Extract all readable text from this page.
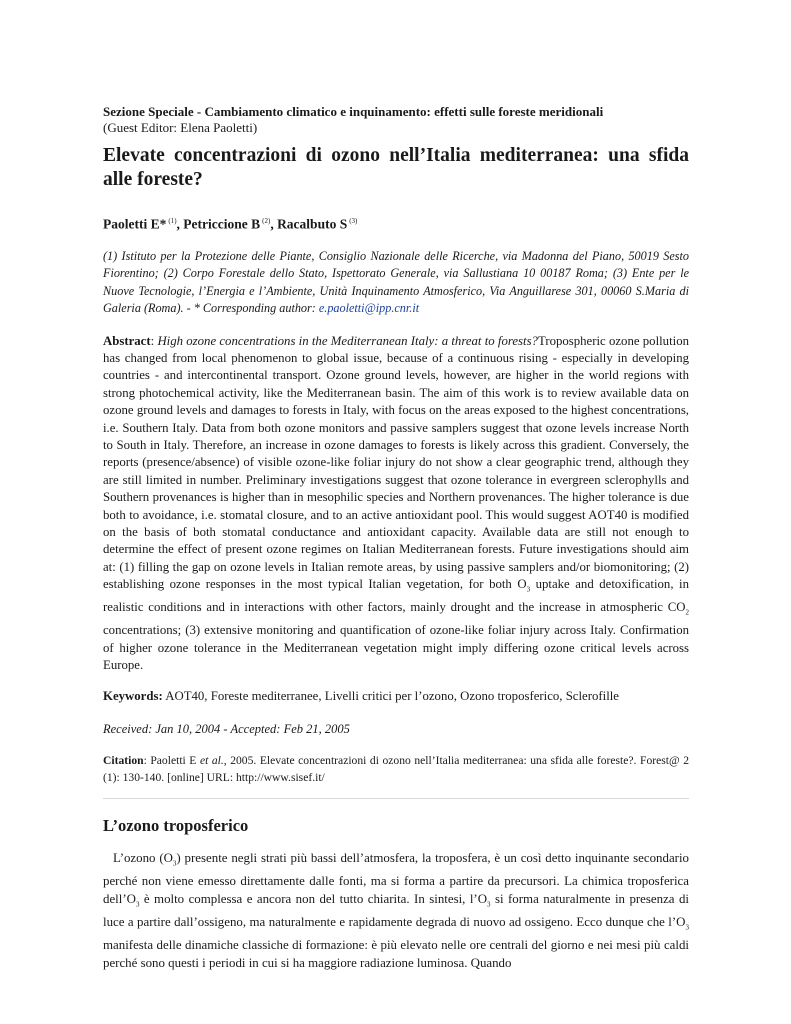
Sezione Speciale - Cambiamento climatico e inquinamento: effetti sulle foreste meridionali
(Guest Editor: Elena Paoletti)
Elevate concentrazioni di ozono nell’Italia mediterranea: una sfida alle foreste?
Paoletti E* $^{(1)}$, Petriccione B $^{(2)}$, Racalbuto S $^{(3)}$
(1) Istituto per la Protezione delle Piante, Consiglio Nazionale delle Ricerche, via Madonna del Piano, 50019 Sesto Fiorentino; (2) Corpo Forestale dello Stato, Ispettorato Generale, via Sallustiana 10 00187 Roma; (3) Ente per le Nuove Tecnologie, l’Energia e l’Ambiente, Unità Inquinamento Atmosferico, Via Anguillarese 301, 00060 S.Maria di Galeria (Roma). - * Corresponding author: e.paoletti@ipp.cnr.it
Abstract: High ozone concentrations in the Mediterranean Italy: a threat to forests?Tropospheric ozone pollution has changed from local phenomenon to global issue, because of a continuous rising - especially in developing countries - and intercontinental transport. Ozone ground levels, however, are higher in the world regions with strong photochemical activity, like the Mediterranean basin. The aim of this work is to review available data on ozone ground levels and damages to forests in Italy, with focus on the areas exposed to the highest concentrations, i.e. Southern Italy. Data from both ozone monitors and passive samplers suggest that ozone levels increase North to South in Italy. Therefore, an increase in ozone damages to forests is likely across this gradient. Conversely, the reports (presence/absence) of visible ozone-like foliar injury do not show a clear geographic trend, although they are still limited in number. Preliminary investigations suggest that ozone tolerance in evergreen sclerophylls and Southern provenances is higher than in mesophilic species and Northern provenances. The higher tolerance is due both to avoidance, i.e. stomatal closure, and to an active antioxidant pool. This would suggest AOT40 is modified on the basis of both stomatal conductance and antioxidant capacity. Available data are still not enough to determine the effect of present ozone regimes on Italian Mediterranean forests. Future investigations should aim at: (1) filling the gap on ozone levels in Italian remote areas, by using passive samplers and/or biomonitoring; (2) establishing ozone responses in the most typical Italian vegetation, for both $O_3$ uptake and detoxification, in realistic conditions and in interactions with other factors, mainly drought and the increase in atmospheric $CO_2$ concentrations; (3) extensive monitoring and quantification of ozone-like foliar injury across Italy. Confirmation of higher ozone tolerance in the Mediterranean vegetation might imply differing ozone critical levels across Europe.
Keywords: AOT40, Foreste mediterranee, Livelli critici per l’ozono, Ozono troposferico, Sclerofille
Received: Jan 10, 2004 - Accepted: Feb 21, 2005
Citation: Paoletti E et al., 2005. Elevate concentrazioni di ozono nell’Italia mediterranea: una sfida alle foreste?. Forest@ 2 (1): 130-140. [online] URL: http://www.sisef.it/
L’ozono troposferico
L’ozono $(O_3)$ presente negli strati più bassi dell’atmosfera, la troposfera, è un così detto inquinante secondario perché non viene emesso direttamente dalle fonti, ma si forma a partire da precursori. La chimica troposferica $dell’O_3$ è molto complessa e ancora non del tutto chiarita. In sintesi, $l’O_3$ si forma naturalmente in presenza di luce a partire dall’ossigeno, ma naturalmente e rapidamente degrada di nuovo ad ossigeno. Ecco dunque che $l’O_3$ manifesta delle dinamiche classiche di formazione: è più elevato nelle ore centrali del giorno e nei mesi più caldi perché sono questi i periodi in cui si ha maggiore radiazione luminosa. Quando
